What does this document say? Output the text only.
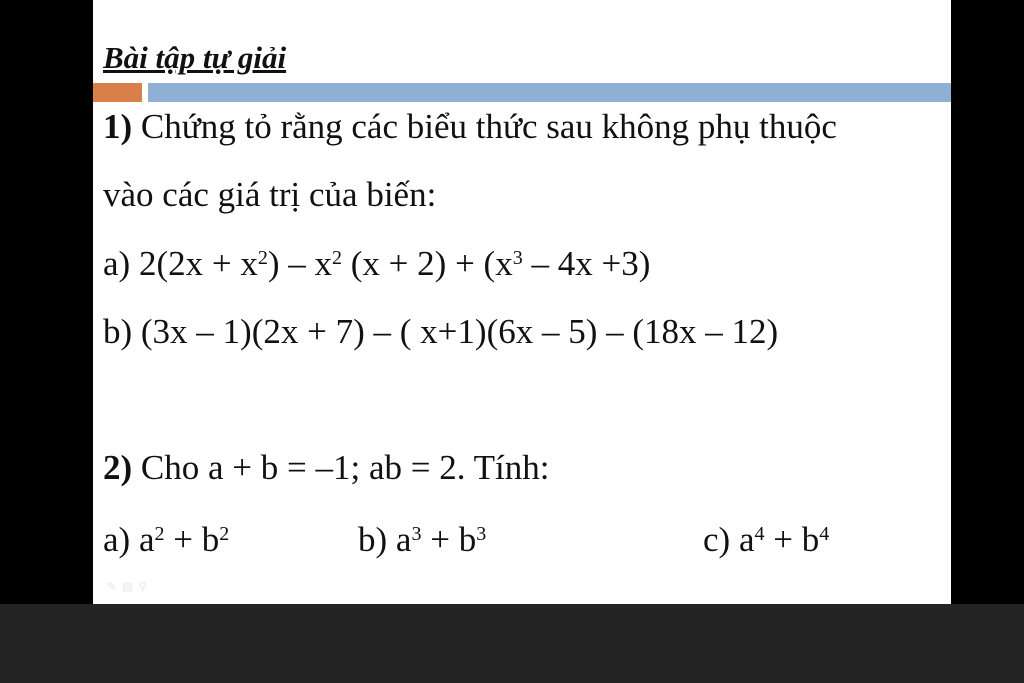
Bài tập tự giải
1) Chứng tỏ rằng các biểu thức sau không phụ thuộc
vào các giá trị của biến:
a) $2(2x + x^2) - x^2$ $(x + 2) + (x^3 - 4x +3)$
b) (3x – 1)(2x + 7) – ( x+1)(6x – 5) – (18x – 12)
2) Cho a + b = –1; ab = 2. Tính:
a) $a^2 + b^2$	b) $a^3 + b^3$	c) $a^4 + b^4$
✎▤⚲
